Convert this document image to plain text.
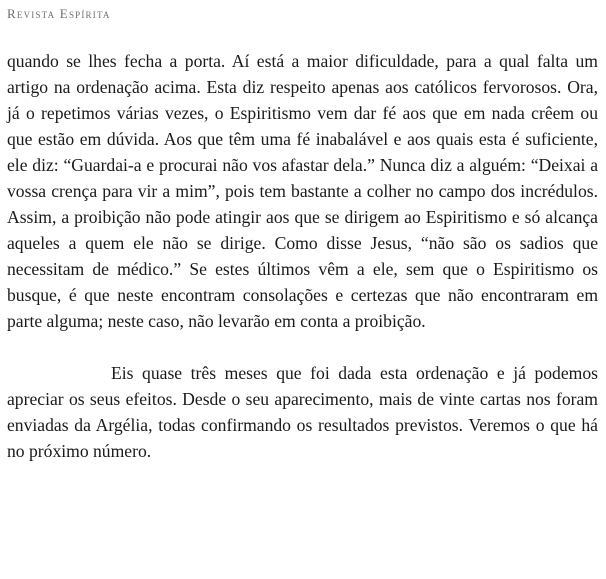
Revista Espírita

quando se lhes fecha a porta. Aí está a maior dificuldade, para a qual falta um artigo na ordenação acima. Esta diz respeito apenas aos católicos fervorosos. Ora, já o repetimos várias vezes, o Espiritismo vem dar fé aos que em nada crêem ou que estão em dúvida. Aos que têm uma fé inabalável e aos quais esta é suficiente, ele diz: “Guardai-a e procurai não vos afastar dela.” Nunca diz a alguém: “Deixai a vossa crença para vir a mim”, pois tem bastante a colher no campo dos incrédulos. Assim, a proibição não pode atingir aos que se dirigem ao Espiritismo e só alcança aqueles a quem ele não se dirige. Como disse Jesus, “não são os sadios que necessitam de médico.” Se estes últimos vêm a ele, sem que o Espiritismo os busque, é que neste encontram consolações e certezas que não encontraram em parte alguma; neste caso, não levarão em conta a proibição.

Eis quase três meses que foi dada esta ordenação e já podemos apreciar os seus efeitos. Desde o seu aparecimento, mais de vinte cartas nos foram enviadas da Argélia, todas confirmando os resultados previstos. Veremos o que há no próximo número.
